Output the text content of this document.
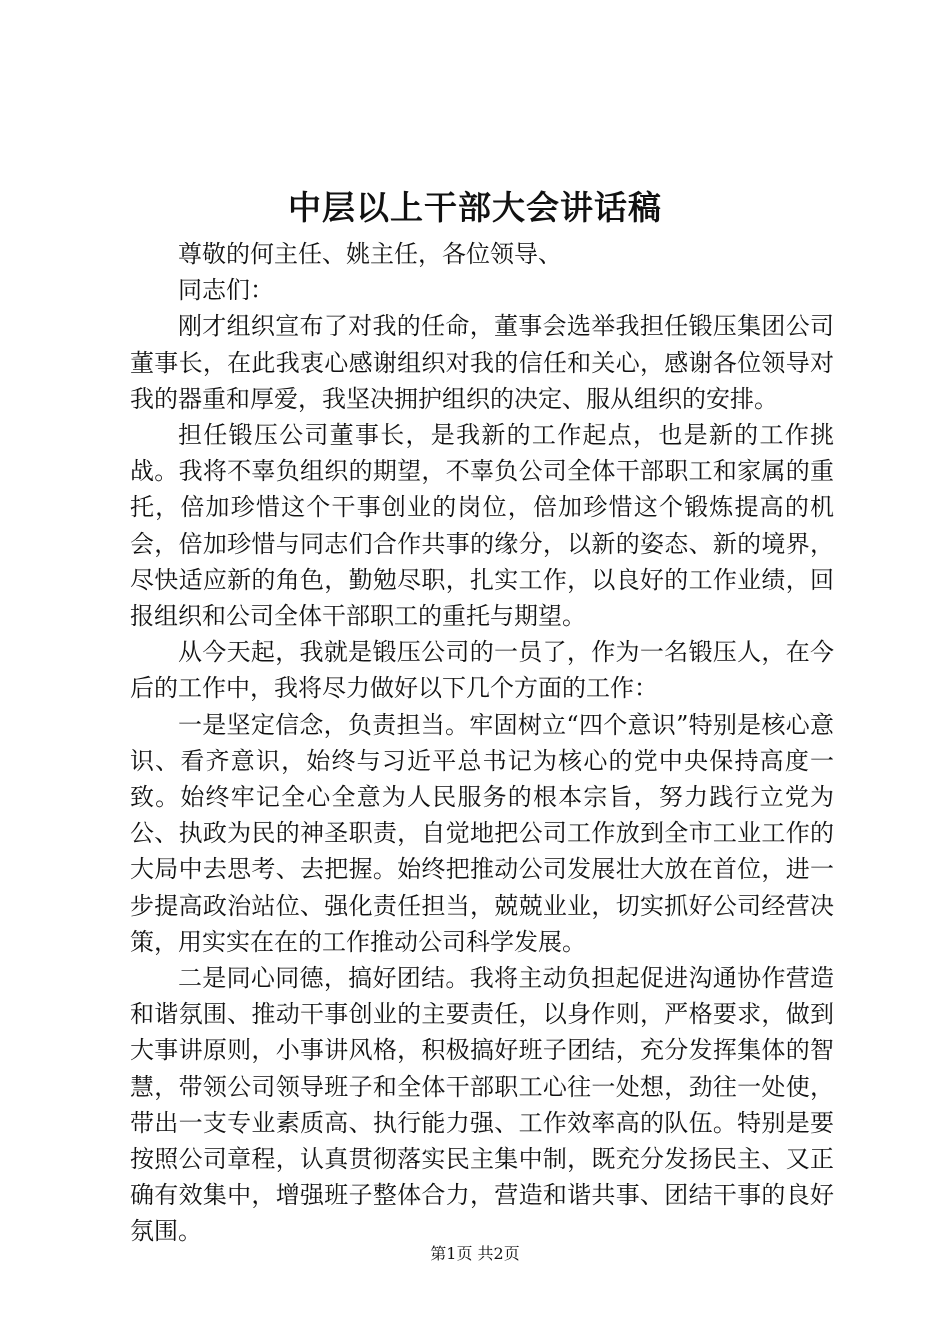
中层以上干部大会讲话稿

尊敬的何主任、姚主任，各位领导、

同志们：

刚才组织宣布了对我的任命，董事会选举我担任锻压集团公司董事长，在此我衷心感谢组织对我的信任和关心，感谢各位领导对我的器重和厚爱，我坚决拥护组织的决定、服从组织的安排。

担任锻压公司董事长，是我新的工作起点，也是新的工作挑战。我将不辜负组织的期望，不辜负公司全体干部职工和家属的重托，倍加珍惜这个干事创业的岗位，倍加珍惜这个锻炼提高的机会，倍加珍惜与同志们合作共事的缘分，以新的姿态、新的境界，尽快适应新的角色，勤勉尽职，扎实工作，以良好的工作业绩，回报组织和公司全体干部职工的重托与期望。

从今天起，我就是锻压公司的一员了，作为一名锻压人，在今后的工作中，我将尽力做好以下几个方面的工作：

一是坚定信念，负责担当。牢固树立“四个意识”特别是核心意识、看齐意识，始终与习近平总书记为核心的党中央保持高度一致。始终牢记全心全意为人民服务的根本宗旨，努力践行立党为公、执政为民的神圣职责，自觉地把公司工作放到全市工业工作的大局中去思考、去把握。始终把推动公司发展壮大放在首位，进一步提高政治站位、强化责任担当，兢兢业业，切实抓好公司经营决策，用实实在在的工作推动公司科学发展。

二是同心同德，搞好团结。我将主动负担起促进沟通协作营造和谐氛围、推动干事创业的主要责任，以身作则，严格要求，做到大事讲原则，小事讲风格，积极搞好班子团结，充分发挥集体的智慧，带领公司领导班子和全体干部职工心往一处想，劲往一处使，带出一支专业素质高、执行能力强、工作效率高的队伍。特别是要按照公司章程，认真贯彻落实民主集中制，既充分发扬民主、又正确有效集中，增强班子整体合力，营造和谐共事、团结干事的良好氛围。

第1页 共2页
